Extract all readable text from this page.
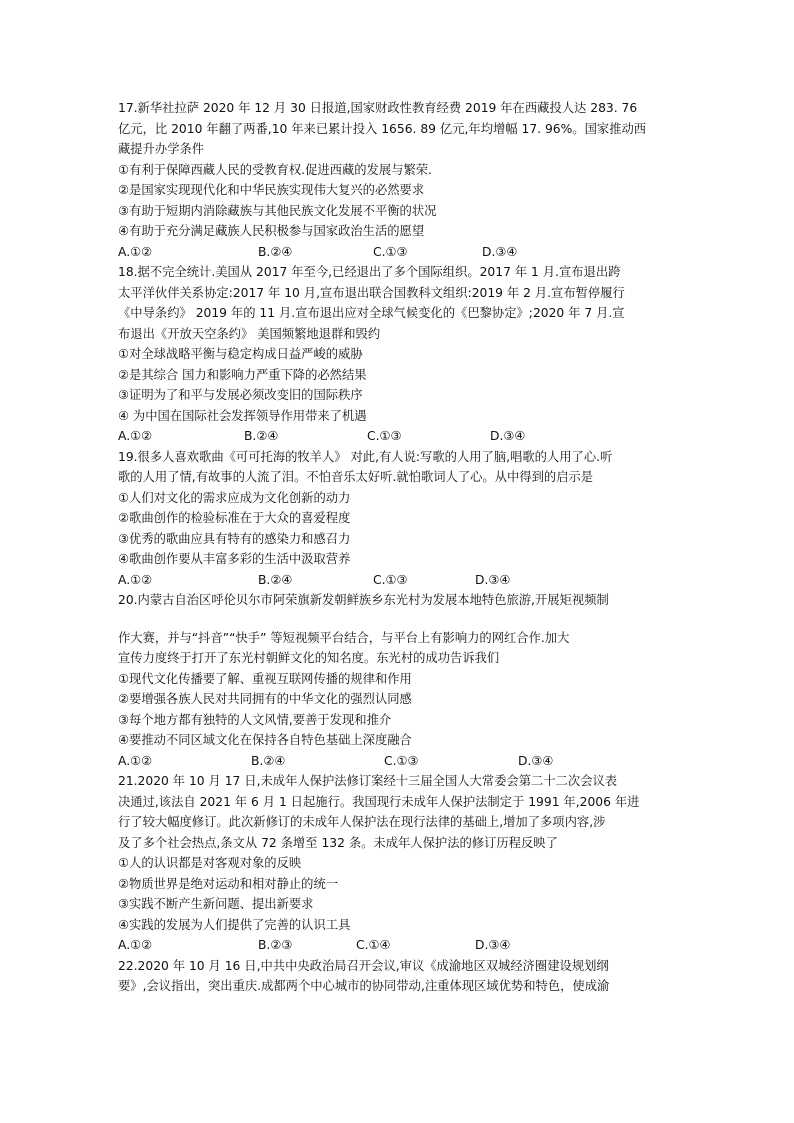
17.新华社拉萨 2020 年 12 月 30 日报道,国家财政性教育经费 2019 年在西藏投人达 283. 76
亿元，比 2010 年翻了两番,10 年来已累计投入 1656. 89 亿元,年均增幅 17. 96%。国家推动西
藏提升办学条件
①有利于保障西藏人民的受教育权.促进西藏的发展与繁荣.
②是国家实现现代化和中华民族实现伟大复兴的必然要求
③有助于短期内消除藏族与其他民族文化发展不平衡的状况
④有助于充分满足藏族人民积极参与国家政治生活的愿望
A.①②	B.②④	C.①③	D.③④
18.据不完全统计.美国从 2017 年至今,已经退出了多个国际组织。2017 年 1 月.宣布退出跨
太平洋伙伴关系协定:2017 年 10 月,宣布退出联合国教科文组织:2019 年 2 月.宣布暂停履行
《中导条约》 2019 年的 11 月.宣布退出应对全球气候变化的《巴黎协定》;2020 年 7 月.宣
布退出《开放天空条约》 美国频繁地退群和毁约
①对全球战略平衡与稳定构成日益严峻的威胁
②是其综合 国力和影响力严重下降的必然结果
③证明为了和平与发展必须改变旧的国际秩序
④ 为中国在国际社会发挥领导作用带来了机遇
A.①②	B.②④	C.①③	D.③④
19.很多人喜欢歌曲《可可托海的牧羊人》 对此,有人说:写歌的人用了脑,唱歌的人用了心.听
歌的人用了情,有故事的人流了泪。不怕音乐太好听.就怕歌词人了心。从中得到的启示是
①人们对文化的需求应成为文化创新的动力
②歌曲创作的检验标准在于大众的喜爱程度
③优秀的歌曲应具有特有的感染力和感召力
④歌曲创作要从丰富多彩的生活中汲取营养
A.①②	B.②④	C.①③	D.③④
20.内蒙古自治区呼伦贝尔市阿荣旗新发朝鲜族乡东光村为发展本地特色旅游,开展矩视频制
作大赛，并与“抖音”“快手” 等短视频平台结合，与平台上有影响力的网红合作.加大
宣传力度终于打开了东光村朝鲜文化的知名度。东光村的成功告诉我们
①现代文化传播要了解、重视互联网传播的规律和作用
②要增强各族人民对共同拥有的中华文化的强烈认同感
③每个地方都有独特的人文风情,要善于发现和推介
④要推动不同区域文化在保持各自特色基础上深度融合
A.①②	B.②④	C.①③	D.③④
21.2020 年 10 月 17 日,未成年人保护法修订案经十三届全国人大常委会第二十二次会议表
决通过,该法自 2021 年 6 月 1 日起施行。我国现行未成年人保护法制定于 1991 年,2006 年进
行了较大幅度修订。此次新修订的未成年人保护法在现行法律的基础上,增加了多项内容,涉
及了多个社会热点,条文从 72 条增至 132 条。未成年人保护法的修订历程反映了
①人的认识都是对客观对象的反映
②物质世界是绝对运动和相对静止的统一
③实践不断产生新问题、提出新要求
④实践的发展为人们提供了完善的认识工具
A.①②	B.②③	C.①④	D.③④
22.2020 年 10 月 16 日,中共中央政治局召开会议,审议《成渝地区双城经济圈建设规划纲
要》,会议指出，突出重庆.成都两个中心城市的协同带动,注重体现区域优势和特色，使成渝
